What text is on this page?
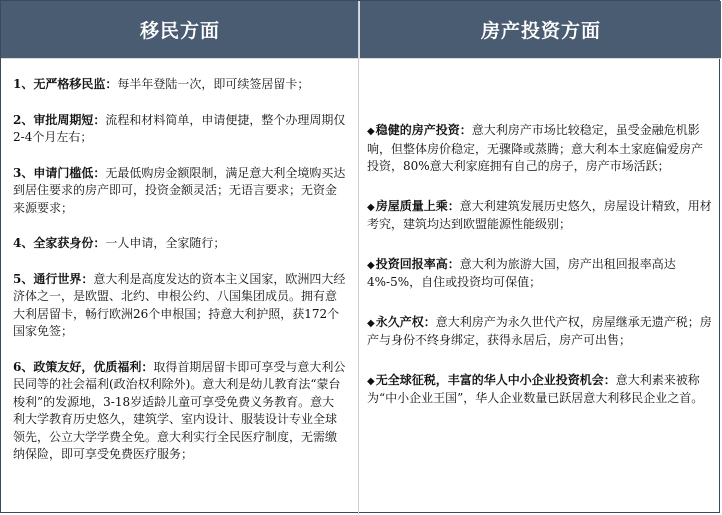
移民方面	房产投资方面
1、无严格移民监：每半年登陆一次，即可续签居留卡；
2、审批周期短：流程和材料简单，申请便捷，整个办理周期仅2-4个月左右；
3、申请门槛低：无最低购房金额限制，满足意大利全境购买达到居住要求的房产即可，投资金额灵活；无语言要求；无资金来源要求；
4、全家获身份：一人申请，全家随行；
5、通行世界：意大利是高度发达的资本主义国家，欧洲四大经济体之一，是欧盟、北约、申根公约、八国集团成员。拥有意大利居留卡，畅行欧洲26个申根国；持意大利护照，获172个国家免签；
6、政策友好，优质福利：取得首期居留卡即可享受与意大利公民同等的社会福利(政治权利除外)。意大利是幼儿教育法“蒙台梭利”的发源地，3-18岁适龄儿童可享受免费义务教育。意大利大学教育历史悠久，建筑学、室内设计、服装设计专业全球领先，公立大学学费全免。意大利实行全民医疗制度，无需缴纳保险，即可享受免费医疗服务；
◆稳健的房产投资：意大利房产市场比较稳定，虽受金融危机影响，但整体房价稳定，无骤降或蒸腾；意大利本土家庭偏爱房产投资，80%意大利家庭拥有自己的房子，房产市场活跃；
◆房屋质量上乘：意大利建筑发展历史悠久，房屋设计精致，用材考究，建筑均达到欧盟能源性能级别；
◆投资回报率高：意大利为旅游大国，房产出租回报率高达4%-5%，自住或投资均可保值；
◆永久产权：意大利房产为永久世代产权，房屋继承无遗产税；房产与身份不终身绑定，获得永居后，房产可出售；
◆无全球征税，丰富的华人中小企业投资机会：意大利素来被称为“中小企业王国”，华人企业数量已跃居意大利移民企业之首。
